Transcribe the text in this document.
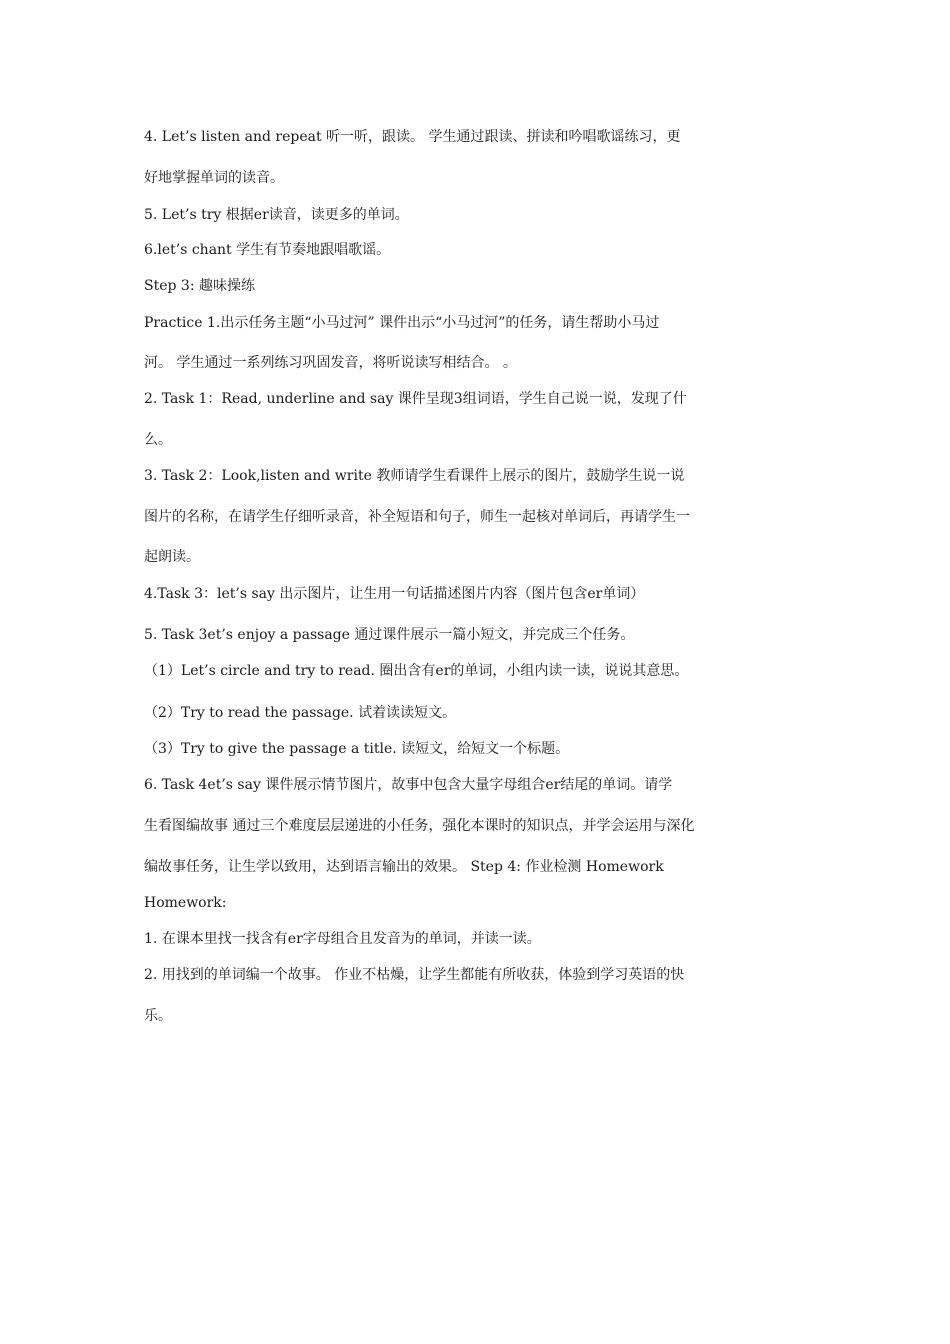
4. Let’s listen and repeat 听一听，跟读。 学生通过跟读、拼读和吟唱歌谣练习，更
好地掌握单词的读音。
5. Let’s try 根据er读音，读更多的单词。
6.let’s chant 学生有节奏地跟唱歌谣。
Step 3: 趣味操练
Practice 1.出示任务主题“小马过河” 课件出示“小马过河”的任务，请生帮助小马过
河。 学生通过一系列练习巩固发音，将听说读写相结合。 。
2. Task 1：Read, underline and say 课件呈现3组词语，学生自己说一说，发现了什
么。
3. Task 2：Look,listen and write 教师请学生看课件上展示的图片，鼓励学生说一说
图片的名称，在请学生仔细听录音，补全短语和句子，师生一起核对单词后，再请学生一
起朗读。
4.Task 3：let’s say 出示图片，让生用一句话描述图片内容（图片包含er单词）
5. Task 3et’s enjoy a passage 通过课件展示一篇小短文，并完成三个任务。
（1）Let’s circle and try to read. 圈出含有er的单词，小组内读一读，说说其意思。
（2）Try to read the passage. 试着读读短文。
（3）Try to give the passage a title. 读短文，给短文一个标题。
6. Task 4et’s say 课件展示情节图片，故事中包含大量字母组合er结尾的单词。请学
生看图编故事 通过三个难度层层递进的小任务，强化本课时的知识点，并学会运用与深化
编故事任务，让生学以致用，达到语言输出的效果。 Step 4: 作业检测 Homework
Homework:
1. 在课本里找一找含有er字母组合且发音为的单词，并读一读。
2. 用找到的单词编一个故事。 作业不枯燥，让学生都能有所收获，体验到学习英语的快
乐。
